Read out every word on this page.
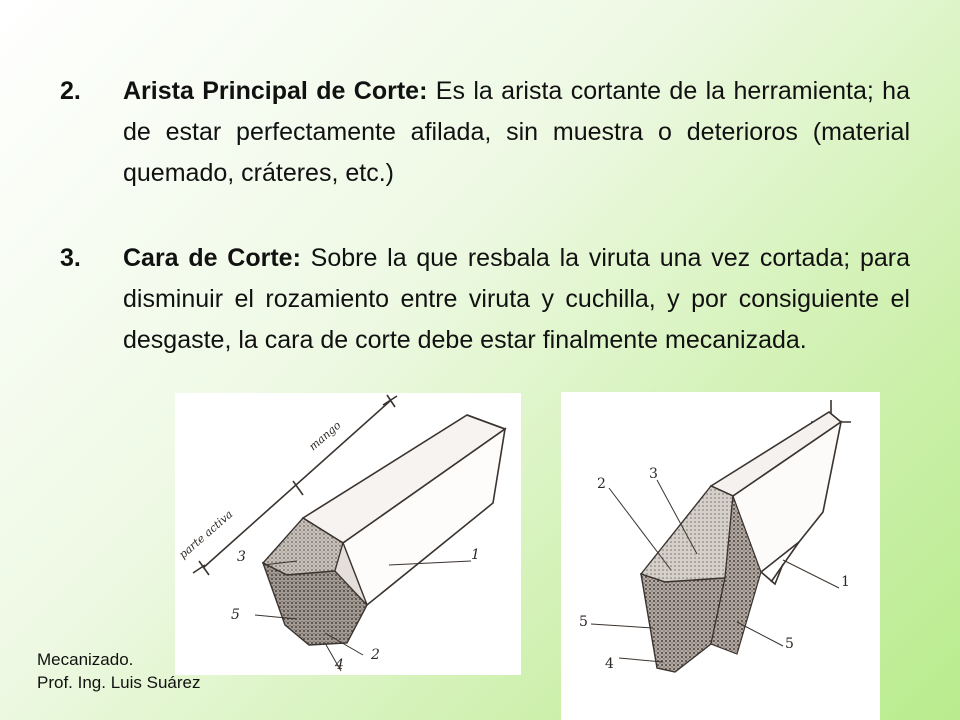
2. Arista Principal de Corte: Es la arista cortante de la herramienta; ha de estar perfectamente afilada, sin muestra o deterioros (material quemado, cráteres, etc.)
3. Cara de Corte: Sobre la que resbala la viruta una vez cortada; para disminuir el rozamiento entre viruta y cuchilla, y por consiguiente el desgaste, la cara de corte debe estar finalmente mecanizada.
mango
parte activa 3	1
5
2
4
2
3
1
5
5
4
Mecanizado.
Prof. Ing. Luis Suárez
